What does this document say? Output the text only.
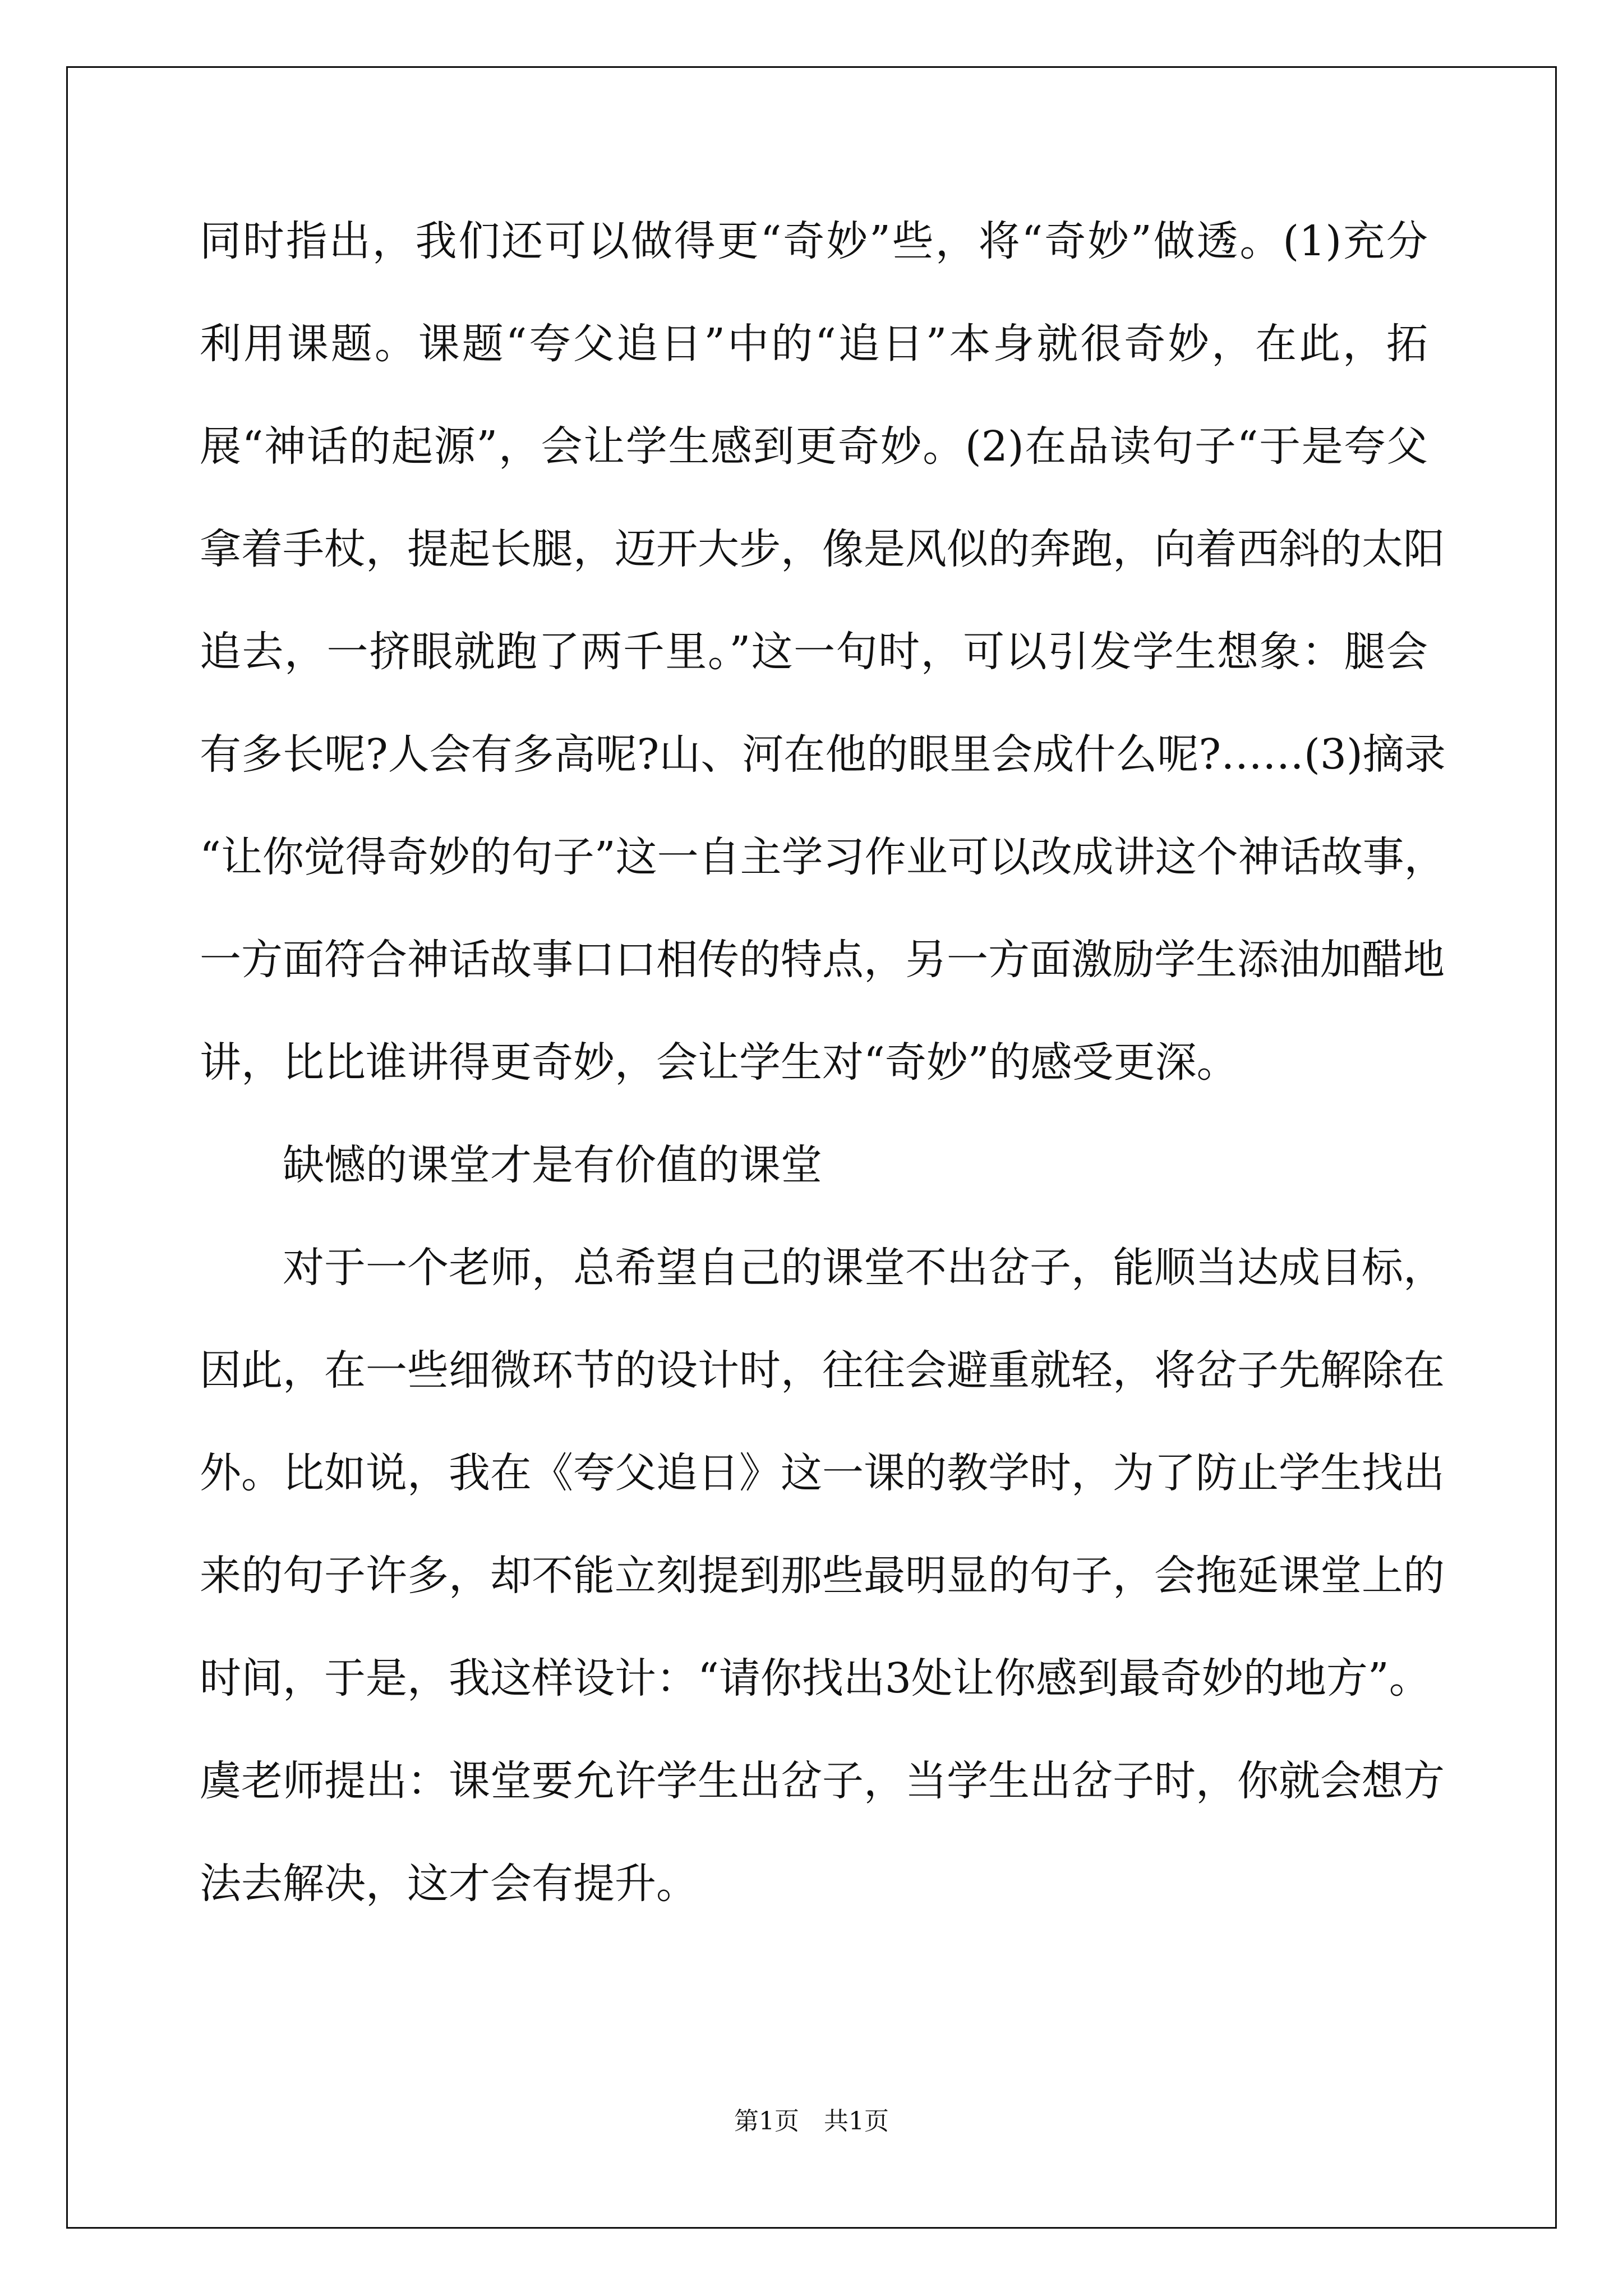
同时指出，我们还可以做得更“奇妙”些，将“奇妙”做透。(1)充分
利用课题。课题“夸父追日”中的“追日”本身就很奇妙，在此，拓
展“神话的起源”，会让学生感到更奇妙。(2)在品读句子“于是夸父
拿着手杖，提起长腿，迈开大步，像是风似的奔跑，向着西斜的太阳
追去，一挤眼就跑了两千里。”这一句时，可以引发学生想象：腿会
有多长呢?人会有多高呢?山、河在他的眼里会成什么呢?……(3)摘录
“让你觉得奇妙的句子”这一自主学习作业可以改成讲这个神话故事，
一方面符合神话故事口口相传的特点，另一方面激励学生添油加醋地
讲，比比谁讲得更奇妙，会让学生对“奇妙”的感受更深。
缺憾的课堂才是有价值的课堂
对于一个老师，总希望自己的课堂不出岔子，能顺当达成目标，
因此，在一些细微环节的设计时，往往会避重就轻，将岔子先解除在
外。比如说，我在《夸父追日》这一课的教学时，为了防止学生找出
来的句子许多，却不能立刻提到那些最明显的句子，会拖延课堂上的
时间，于是，我这样设计：“请你找出3处让你感到最奇妙的地方”。
虞老师提出：课堂要允许学生出岔子，当学生出岔子时，你就会想方
法去解决，这才会有提升。
第1页　共1页
